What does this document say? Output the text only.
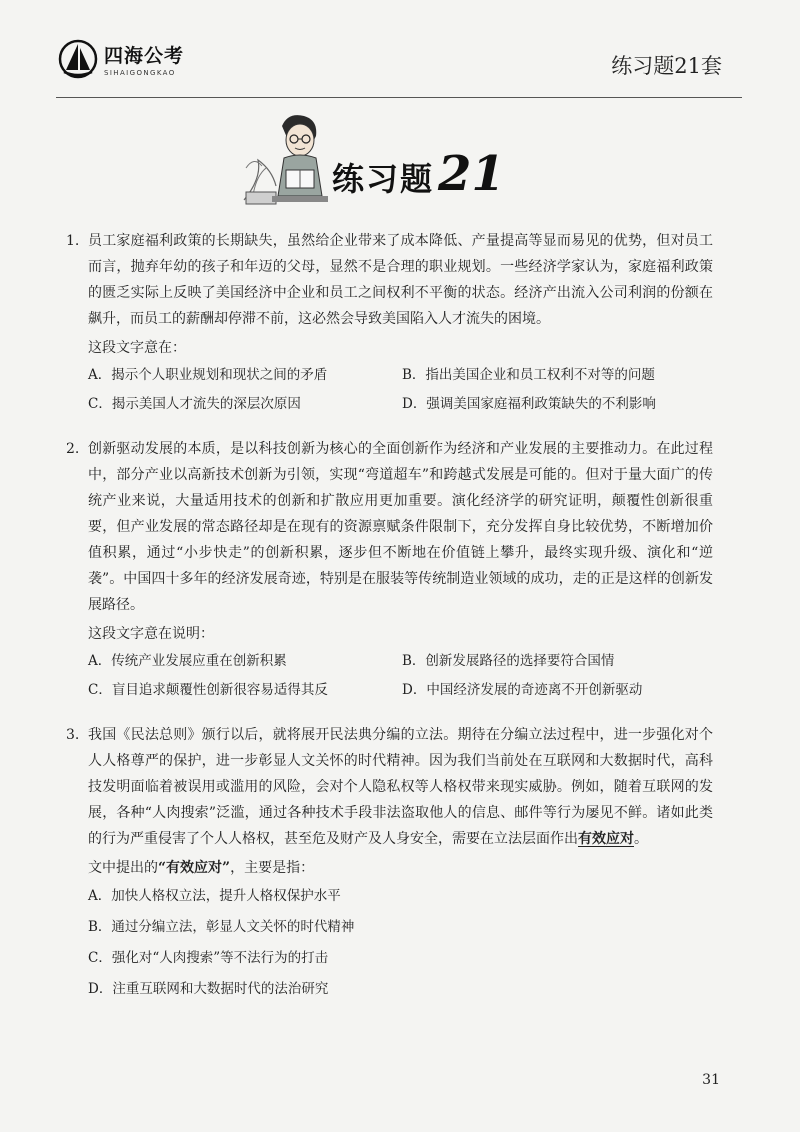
四海公考
SIHAIGONGKAO	练习题21套
练习题 21
1. 员工家庭福利政策的长期缺失，虽然给企业带来了成本降低、产量提高等显而易见的优势，但对员工而言，抛弃年幼的孩子和年迈的父母，显然不是合理的职业规划。一些经济学家认为，家庭福利政策的匮乏实际上反映了美国经济中企业和员工之间权利不平衡的状态。经济产出流入公司利润的份额在飙升，而员工的薪酬却停滞不前，这必然会导致美国陷入人才流失的困境。
这段文字意在：
A．揭示个人职业规划和现状之间的矛盾	B．指出美国企业和员工权利不对等的问题
C．揭示美国人才流失的深层次原因	D．强调美国家庭福利政策缺失的不利影响
2. 创新驱动发展的本质，是以科技创新为核心的全面创新作为经济和产业发展的主要推动力。在此过程中，部分产业以高新技术创新为引领，实现“弯道超车”和跨越式发展是可能的。但对于量大面广的传统产业来说，大量适用技术的创新和扩散应用更加重要。演化经济学的研究证明，颠覆性创新很重要，但产业发展的常态路径却是在现有的资源禀赋条件限制下，充分发挥自身比较优势，不断增加价值积累，通过“小步快走”的创新积累，逐步但不断地在价值链上攀升，最终实现升级、演化和“逆袭”。中国四十多年的经济发展奇迹，特别是在服装等传统制造业领域的成功，走的正是这样的创新发展路径。
这段文字意在说明：
A．传统产业发展应重在创新积累	B．创新发展路径的选择要符合国情
C．盲目追求颠覆性创新很容易适得其反	D．中国经济发展的奇迹离不开创新驱动
3. 我国《民法总则》颁行以后，就将展开民法典分编的立法。期待在分编立法过程中，进一步强化对个人人格尊严的保护，进一步彰显人文关怀的时代精神。因为我们当前处在互联网和大数据时代，高科技发明面临着被误用或滥用的风险，会对个人隐私权等人格权带来现实威胁。例如，随着互联网的发展，各种“人肉搜索”泛滥，通过各种技术手段非法盗取他人的信息、邮件等行为屡见不鲜。诸如此类的行为严重侵害了个人人格权，甚至危及财产及人身安全，需要在立法层面作出有效应对。
文中提出的“有效应对”，主要是指：
A．加快人格权立法，提升人格权保护水平
B．通过分编立法，彰显人文关怀的时代精神
C．强化对“人肉搜索”等不法行为的打击
D．注重互联网和大数据时代的法治研究
31
